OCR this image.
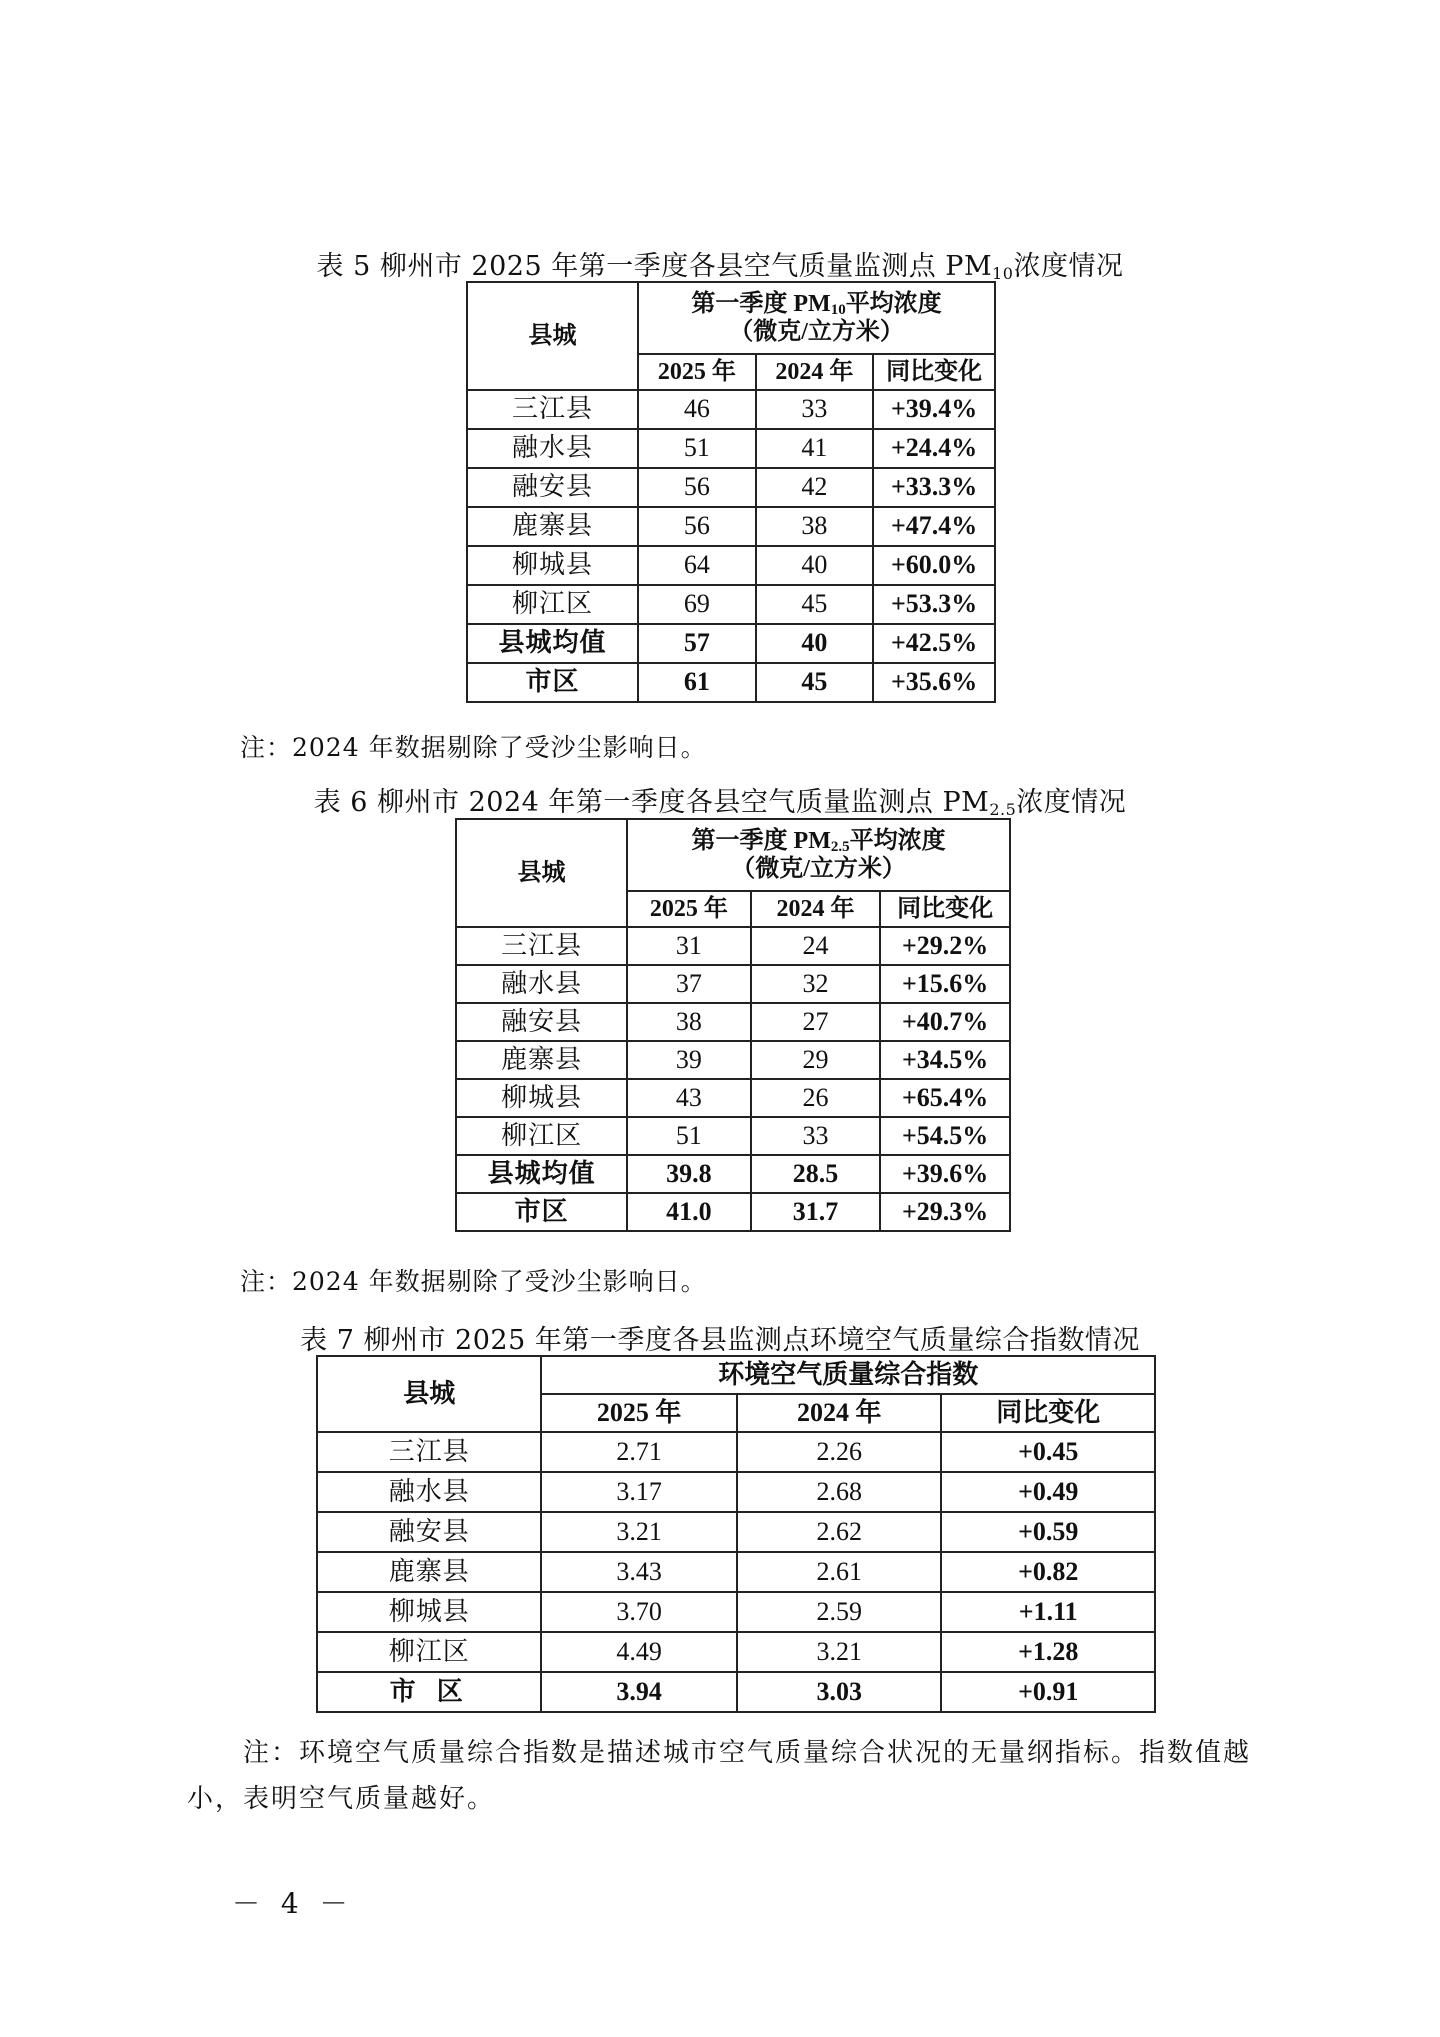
表 5 柳州市 2025 年第一季度各县空气质量监测点 $PM_{10}$浓度情况
县城	第一季度 $PM_{10}$平均浓度
（微克/立方米）		
	2025 年	2024 年	同比变化
三江县	46	33	+39.4%
融水县	51	41	+24.4%
融安县	56	42	+33.3%
鹿寨县	56	38	+47.4%
柳城县	64	40	+60.0%
柳江区	69	45	+53.3%
县城均值	57	40	+42.5%
市区	61	45	+35.6%
注：2024 年数据剔除了受沙尘影响日。
表 6 柳州市 2024 年第一季度各县空气质量监测点 $PM_{2.5}$浓度情况
县城	第一季度 $PM_{2.5}$平均浓度
（微克/立方米）		
	2025 年	2024 年	同比变化
三江县	31	24	+29.2%
融水县	37	32	+15.6%
融安县	38	27	+40.7%
鹿寨县	39	29	+34.5%
柳城县	43	26	+65.4%
柳江区	51	33	+54.5%
县城均值	39.8	28.5	+39.6%
市区	41.0	31.7	+29.3%
注：2024 年数据剔除了受沙尘影响日。
表 7 柳州市 2025 年第一季度各县监测点环境空气质量综合指数情况
县城	环境空气质量综合指数		
	2025 年	2024 年	同比变化
三江县	2.71	2.26	+0.45
融水县	3.17	2.68	+0.49
融安县	3.21	2.62	+0.59
鹿寨县	3.43	2.61	+0.82
柳城县	3.70	2.59	+1.11
柳江区	4.49	3.21	+1.28
市 区	3.94	3.03	+0.91
注：环境空气质量综合指数是描述城市空气质量综合状况的无量纲指标。指数值越小，表明空气质量越好。
－ 4 －
